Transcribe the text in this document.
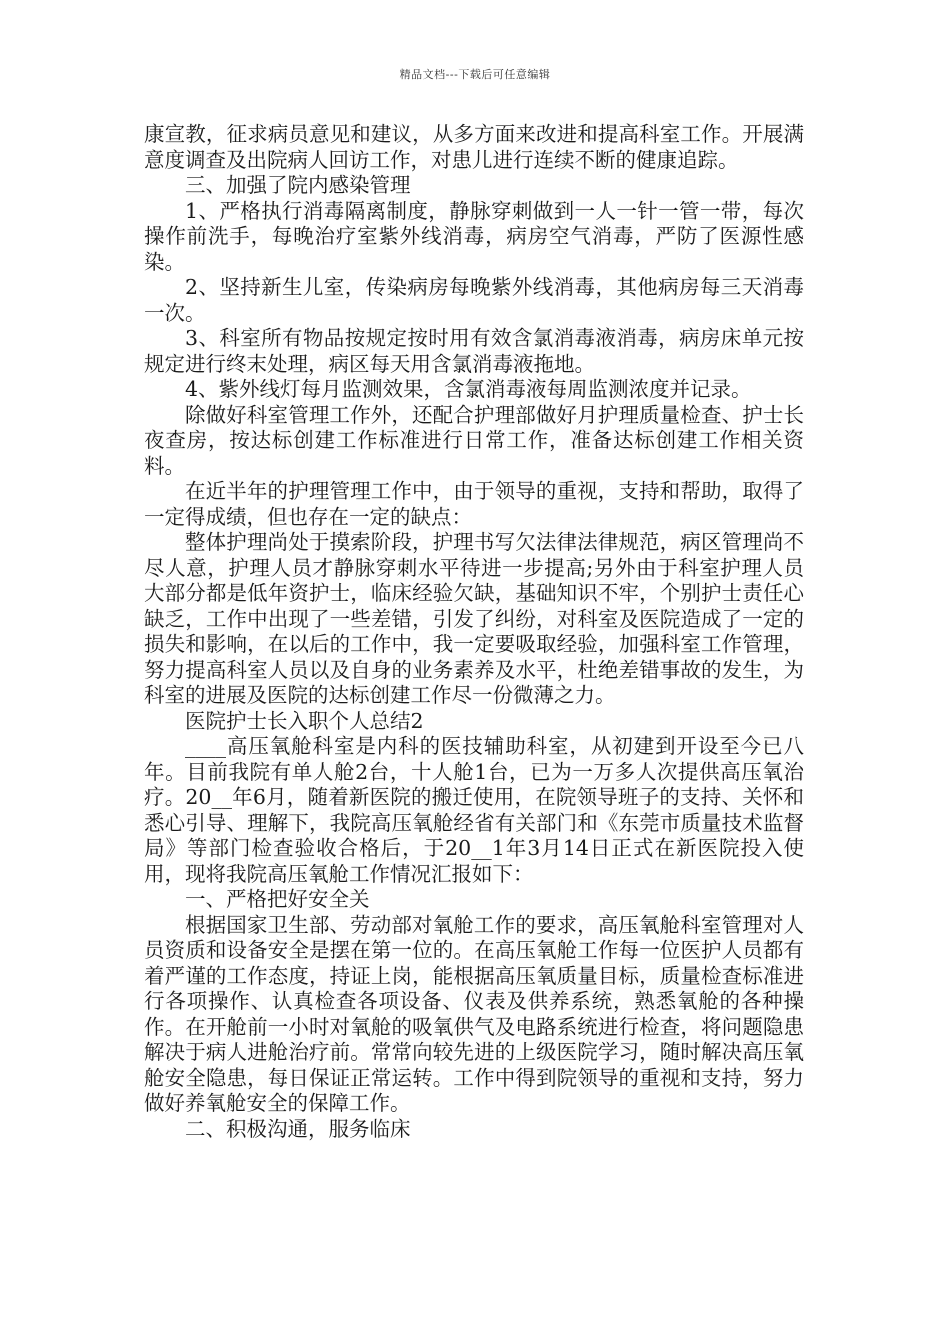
精品文档---下载后可任意编辑

康宣教，征求病员意见和建议，从多方面来改进和提高科室工作。开展满意度调查及出院病人回访工作，对患儿进行连续不断的健康追踪。

三、加强了院内感染管理

1、严格执行消毒隔离制度，静脉穿刺做到一人一针一管一带，每次操作前洗手，每晚治疗室紫外线消毒，病房空气消毒，严防了医源性感染。

2、坚持新生儿室，传染病房每晚紫外线消毒，其他病房每三天消毒一次。

3、科室所有物品按规定按时用有效含氯消毒液消毒，病房床单元按规定进行终末处理，病区每天用含氯消毒液拖地。

4、紫外线灯每月监测效果，含氯消毒液每周监测浓度并记录。

除做好科室管理工作外，还配合护理部做好月护理质量检查、护士长夜查房，按达标创建工作标准进行日常工作，准备达标创建工作相关资料。

在近半年的护理管理工作中，由于领导的重视，支持和帮助，取得了一定得成绩，但也存在一定的缺点：

整体护理尚处于摸索阶段，护理书写欠法律法律规范，病区管理尚不尽人意，护理人员才静脉穿刺水平待进一步提高;另外由于科室护理人员大部分都是低年资护士，临床经验欠缺，基础知识不牢，个别护士责任心缺乏，工作中出现了一些差错，引发了纠纷，对科室及医院造成了一定的损失和影响，在以后的工作中，我一定要吸取经验，加强科室工作管理，努力提高科室人员以及自身的业务素养及水平，杜绝差错事故的发生，为科室的进展及医院的达标创建工作尽一份微薄之力。

医院护士长入职个人总结2

____高压氧舱科室是内科的医技辅助科室，从初建到开设至今已八年。目前我院有单人舱2台，十人舱1台，已为一万多人次提供高压氧治疗。20__年6月，随着新医院的搬迁使用，在院领导班子的支持、关怀和悉心引导、理解下，我院高压氧舱经省有关部门和《东莞市质量技术监督局》等部门检查验收合格后，于20__1年3月14日正式在新医院投入使用，现将我院高压氧舱工作情况汇报如下：

一、严格把好安全关

根据国家卫生部、劳动部对氧舱工作的要求，高压氧舱科室管理对人员资质和设备安全是摆在第一位的。在高压氧舱工作每一位医护人员都有着严谨的工作态度，持证上岗，能根据高压氧质量目标，质量检查标准进行各项操作、认真检查各项设备、仪表及供养系统，熟悉氧舱的各种操作。在开舱前一小时对氧舱的吸氧供气及电路系统进行检查，将问题隐患解决于病人进舱治疗前。常常向较先进的上级医院学习，随时解决高压氧舱安全隐患，每日保证正常运转。工作中得到院领导的重视和支持，努力做好养氧舱安全的保障工作。

二、积极沟通，服务临床
